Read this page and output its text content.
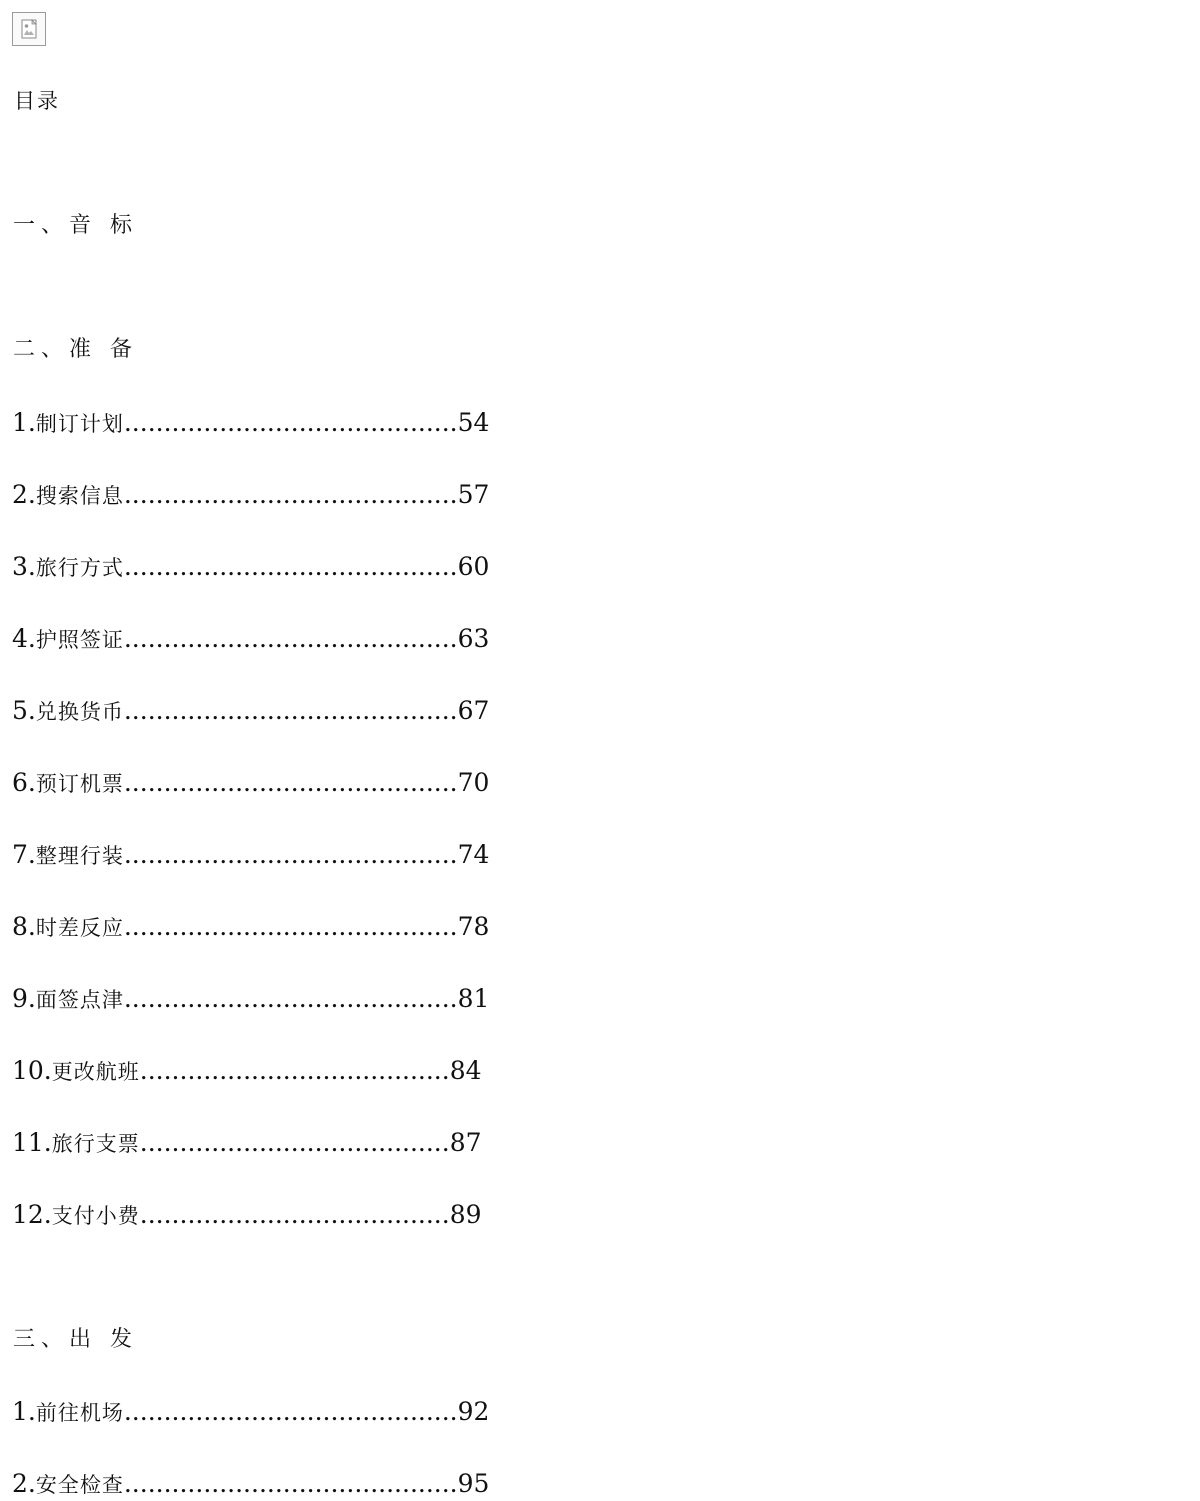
目录
一、音 标
二、准 备
1.制订计划..........................................54
2.搜索信息..........................................57
3.旅行方式..........................................60
4.护照签证..........................................63
5.兑换货币..........................................67
6.预订机票..........................................70
7.整理行装..........................................74
8.时差反应..........................................78
9.面签点津..........................................81
10.更改航班.......................................84
11.旅行支票.......................................87
12.支付小费.......................................89
三、出 发
1.前往机场..........................................92
2.安全检查..........................................95
